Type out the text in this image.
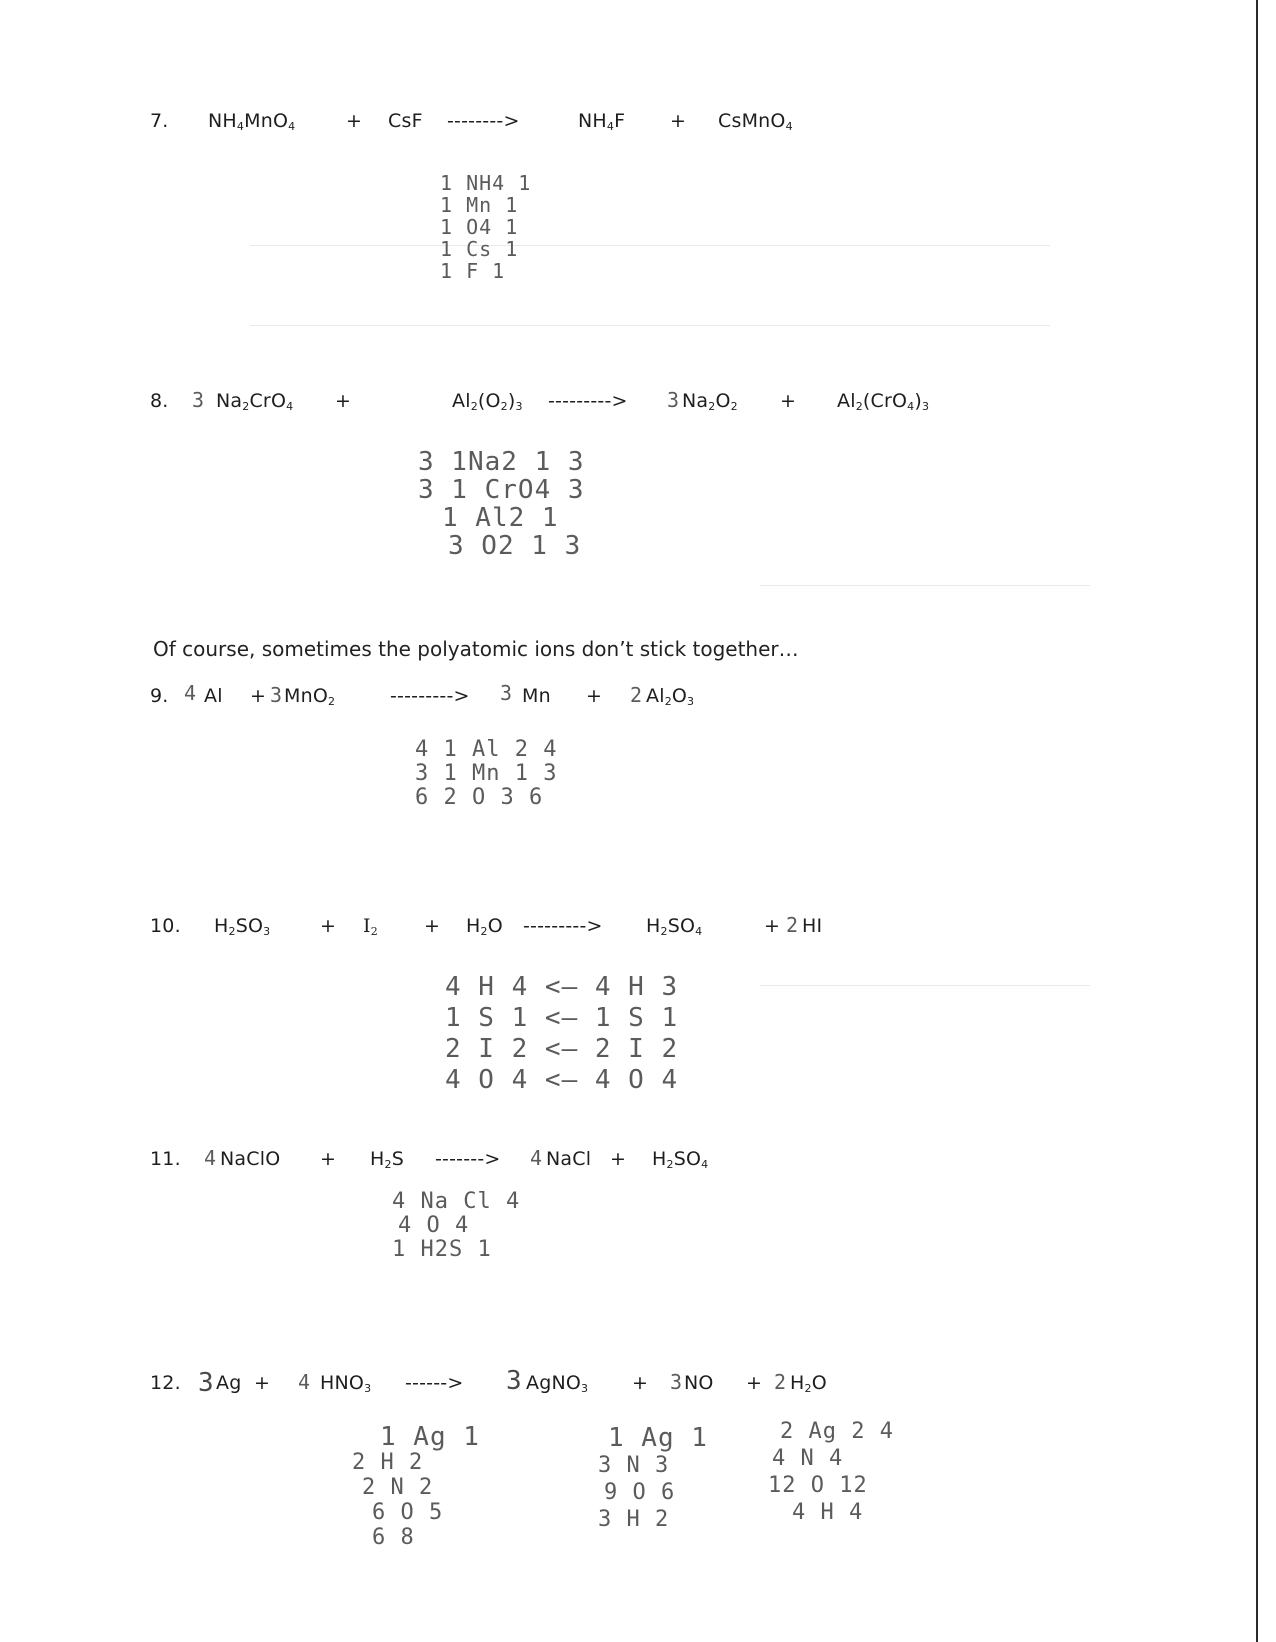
7. $NH_4MnO_4$	+ CsF -------->	$NH_4F$ + CsMnO$_4$
1 NH4 1
1 Mn 1
1 O4 1
1 Cs 1
1 F 1
8. 3 $Na_2CrO_4$ +	$Al_2(O_2)_3$ ---------> 3 $Na_2O_2 + Al_2(CrO_4)_3$
3 1Na2 1 3
3 1 CrO4 3
1 Al2 1
3 O2 1 3
Of course, sometimes the polyatomic ions don’t stick together…
9. 4 Al + 3 MnO$_2$	---------> 3 Mn + 2 $Al_2O_3$
4 1 Al 2 4
3 1 Mn 1 3
6 2 O 3 6
10. $H_2SO_3$	+ $I_2 + H_2O$ ---------> $H_2SO_4$	+ 2 HI
4 H 4 <— 4 H 3
1 S 1 <— 1 S 1
2 I 2 <— 2 I 2
4 O 4 <— 4 O 4
11. 4 NaClO + $H_2S$ -------> 4 NaCl + $H_2SO_4$
4 Na Cl 4
4 O 4
1 H2S 1
12. 3 Ag + 4 $HNO_3$ ------> 3 AgNO$_3$ + 3 NO + 2 $H_2O$
1 Ag 1
2 H 2
2 N 2
6 O 5
6 8
1 Ag 1
3 N 3
9 O 6
3 H 2
2 Ag 2 4
4 N 4
12 O 12
4 H 4
